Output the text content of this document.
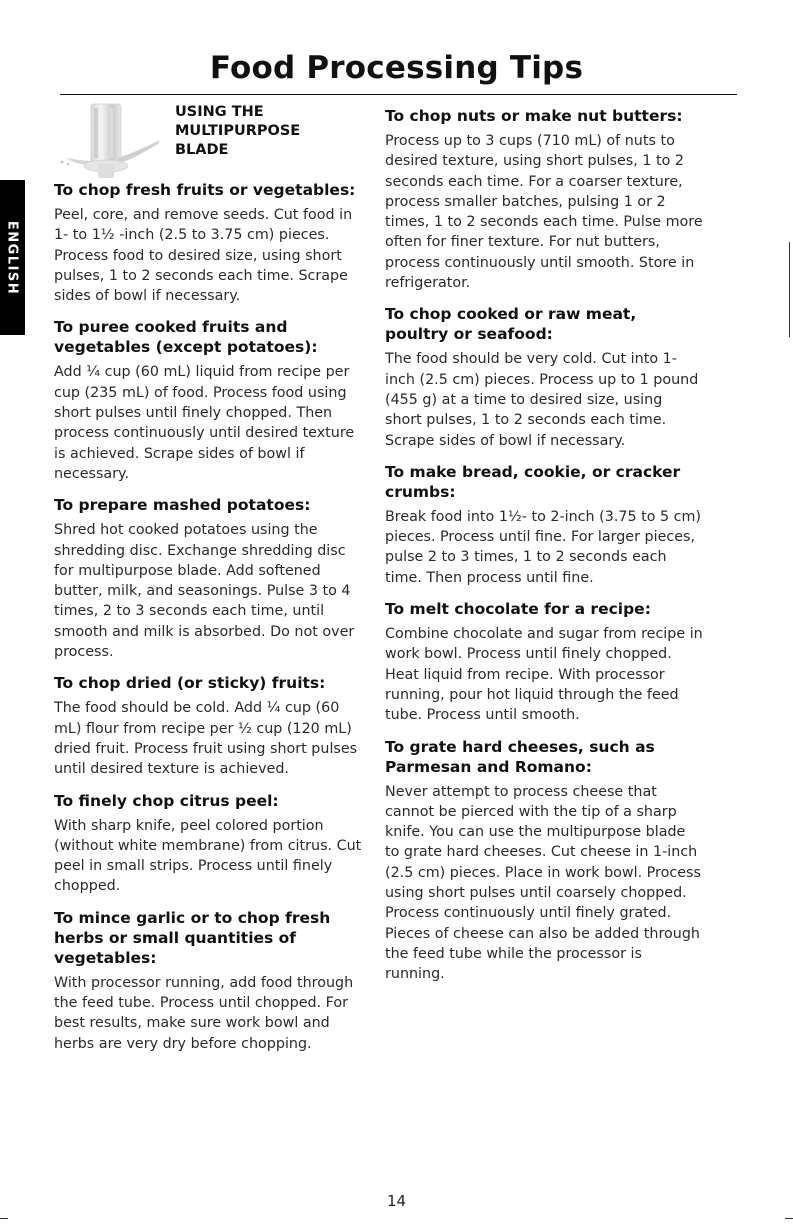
Food Processing Tips
ENGLISH
USING THE
MULTIPURPOSE
BLADE
To chop fresh fruits or vegetables:

Peel, core, and remove seeds. Cut food in 1- to 1½ -inch (2.5 to 3.75 cm) pieces. Process food to desired size, using short pulses, 1 to 2 seconds each time. Scrape sides of bowl if necessary.

To puree cooked fruits and vegetables (except potatoes):

Add ¼ cup (60 mL) liquid from recipe per cup (235 mL) of food. Process food using short pulses until finely chopped. Then process continuously until desired texture is achieved. Scrape sides of bowl if necessary.

To prepare mashed potatoes:

Shred hot cooked potatoes using the shredding disc. Exchange shredding disc for multipurpose blade. Add softened butter, milk, and seasonings. Pulse 3 to 4 times, 2 to 3 seconds each time, until smooth and milk is absorbed. Do not over process.

To chop dried (or sticky) fruits:

The food should be cold. Add ¼ cup (60 mL) flour from recipe per ½ cup (120 mL) dried fruit. Process fruit using short pulses until desired texture is achieved.

To finely chop citrus peel:

With sharp knife, peel colored portion (without white membrane) from citrus. Cut peel in small strips. Process until finely chopped.

To mince garlic or to chop fresh herbs or small quantities of vegetables:

With processor running, add food through the feed tube. Process until chopped. For best results, make sure work bowl and herbs are very dry before chopping.

To chop nuts or make nut butters:

Process up to 3 cups (710 mL) of nuts to desired texture, using short pulses, 1 to 2 seconds each time. For a coarser texture, process smaller batches, pulsing 1 or 2 times, 1 to 2 seconds each time. Pulse more often for finer texture. For nut butters, process continuously until smooth. Store in refrigerator.

To chop cooked or raw meat, poultry or seafood:

The food should be very cold. Cut into 1-inch (2.5 cm) pieces. Process up to 1 pound (455 g) at a time to desired size, using short pulses, 1 to 2 seconds each time. Scrape sides of bowl if necessary.

To make bread, cookie, or cracker crumbs:

Break food into 1½- to 2-inch (3.75 to 5 cm) pieces. Process until fine. For larger pieces, pulse 2 to 3 times, 1 to 2 seconds each time. Then process until fine.

To melt chocolate for a recipe:

Combine chocolate and sugar from recipe in work bowl. Process until finely chopped. Heat liquid from recipe. With processor running, pour hot liquid through the feed tube. Process until smooth.

To grate hard cheeses, such as Parmesan and Romano:

Never attempt to process cheese that cannot be pierced with the tip of a sharp knife. You can use the multipurpose blade to grate hard cheeses. Cut cheese in 1-inch (2.5 cm) pieces. Place in work bowl. Process using short pulses until coarsely chopped. Process continuously until finely grated. Pieces of cheese can also be added through the feed tube while the processor is running.

14
